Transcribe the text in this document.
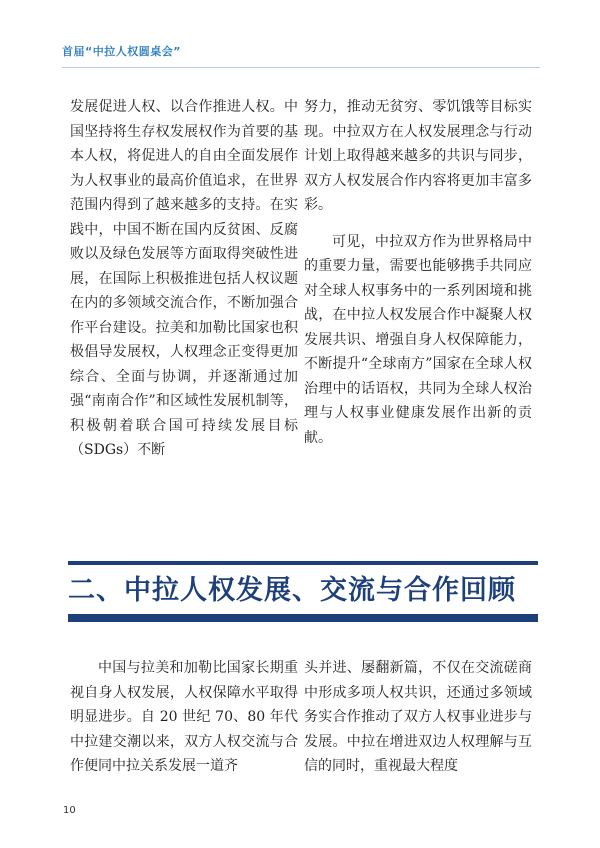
首届“中拉人权圆桌会”

发展促进人权、以合作推进人权。中国坚持将生存权发展权作为首要的基本人权，将促进人的自由全面发展作为人权事业的最高价值追求，在世界范围内得到了越来越多的支持。在实践中，中国不断在国内反贫困、反腐败以及绿色发展等方面取得突破性进展，在国际上积极推进包括人权议题在内的多领域交流合作，不断加强合作平台建设。拉美和加勒比国家也积极倡导发展权，人权理念正变得更加综合、全面与协调，并逐渐通过加强“南南合作”和区域性发展机制等，积极朝着联合国可持续发展目标（SDGs）不断

努力，推动无贫穷、零饥饿等目标实现。中拉双方在人权发展理念与行动计划上取得越来越多的共识与同步，双方人权发展合作内容将更加丰富多彩。

可见，中拉双方作为世界格局中的重要力量，需要也能够携手共同应对全球人权事务中的一系列困境和挑战，在中拉人权发展合作中凝聚人权发展共识、增强自身人权保障能力，不断提升“全球南方”国家在全球人权治理中的话语权，共同为全球人权治理与人权事业健康发展作出新的贡献。

二、中拉人权发展、交流与合作回顾

中国与拉美和加勒比国家长期重视自身人权发展，人权保障水平取得明显进步。自 20 世纪 70、80 年代中拉建交潮以来，双方人权交流与合作便同中拉关系发展一道齐

头并进、屡翻新篇，不仅在交流磋商中形成多项人权共识，还通过多领域务实合作推动了双方人权事业进步与发展。中拉在增进双边人权理解与互信的同时，重视最大程度

10
